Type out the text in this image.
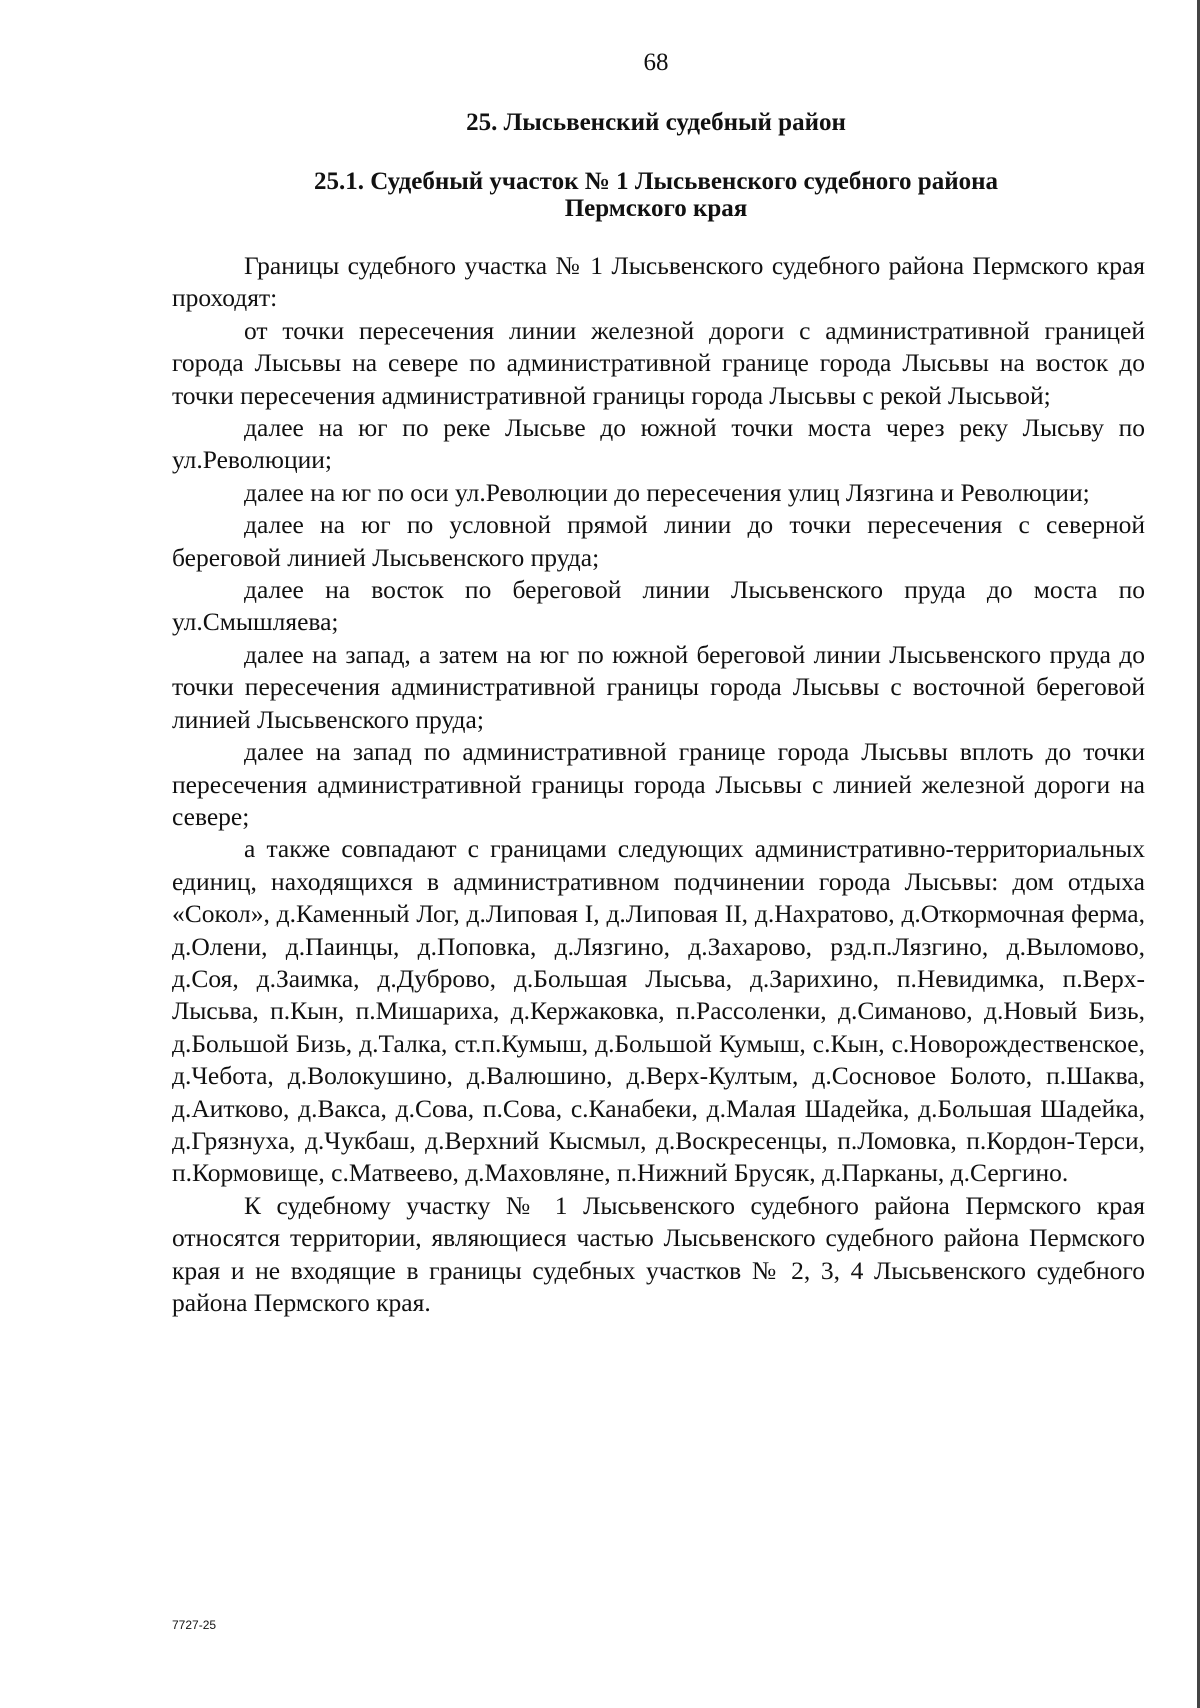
68
25. Лысьвенский судебный район
25.1. Судебный участок № 1 Лысьвенского судебного района
Пермского края

Границы судебного участка № 1 Лысьвенского судебного района Пермского края проходят:

от точки пересечения линии железной дороги с административной границей города Лысьвы на севере по административной границе города Лысьвы на восток до точки пересечения административной границы города Лысьвы с рекой Лысьвой;

далее на юг по реке Лысьве до южной точки моста через реку Лысьву по ул.Революции;

далее на юг по оси ул.Революции до пересечения улиц Лязгина и Революции;

далее на юг по условной прямой линии до точки пересечения с северной береговой линией Лысьвенского пруда;

далее на восток по береговой линии Лысьвенского пруда до моста по ул.Смышляева;

далее на запад, а затем на юг по южной береговой линии Лысьвенского пруда до точки пересечения административной границы города Лысьвы с восточной береговой линией Лысьвенского пруда;

далее на запад по административной границе города Лысьвы вплоть до точки пересечения административной границы города Лысьвы с линией железной дороги на севере;

а также совпадают с границами следующих административно-территориальных единиц, находящихся в административном подчинении города Лысьвы: дом отдыха «Сокол», д.Каменный Лог, д.Липовая I, д.Липовая II, д.Нахратово, д.Откормочная ферма, д.Олени, д.Паинцы, д.Поповка, д.Лязгино, д.Захарово, рзд.п.Лязгино, д.Выломово, д.Соя, д.Заимка, д.Дуброво, д.Большая Лысьва, д.Зарихино, п.Невидимка, п.Верх-Лысьва, п.Кын, п.Мишариха, д.Кержаковка, п.Рассоленки, д.Симаново, д.Новый Бизь, д.Большой Бизь, д.Талка, ст.п.Кумыш, д.Большой Кумыш, с.Кын, с.Новорождественское, д.Чебота, д.Волокушино, д.Валюшино, д.Верх-Култым, д.Сосновое Болото, п.Шаква, д.Аитково, д.Вакса, д.Сова, п.Сова, с.Канабеки, д.Малая Шадейка, д.Большая Шадейка, д.Грязнуха, д.Чукбаш, д.Верхний Кысмыл, д.Воскресенцы, п.Ломовка, п.Кордон-Терси, п.Кормовище, с.Матвеево, д.Маховляне, п.Нижний Брусяк, д.Парканы, д.Сергино.

К судебному участку № 1 Лысьвенского судебного района Пермского края относятся территории, являющиеся частью Лысьвенского судебного района Пермского края и не входящие в границы судебных участков № 2, 3, 4 Лысьвенского судебного района Пермского края.

7727-25
